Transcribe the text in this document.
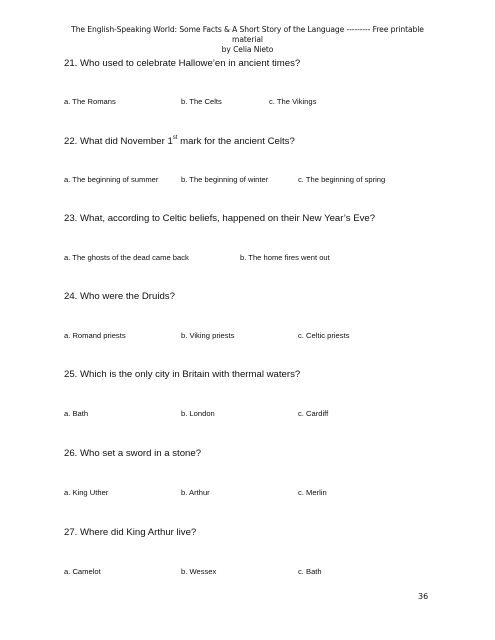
The English-Speaking World: Some Facts & A Short Story of the Language --------- Free printable material
by Celia Nieto
21. Who used to celebrate Hallowe’en in ancient times?
a. The Romans	b. The Celts	c. The Vikings
22. What did November 1st mark for the ancient Celts?
a. The beginning of summer	b. The beginning of winter	c. The beginning of spring
23. What, according to Celtic beliefs, happened on their New Year’s Eve?
a. The ghosts of the dead came back	b. The home fires went out
24. Who were the Druids?
a. Romand priests	b. Viking priests	c. Celtic priests
25. Which is the only city in Britain with thermal waters?
a. Bath	b. London	c. Cardiff
26. Who set a sword in a stone?
a. King Uther	b. Arthur	c. Merlin
27. Where did King Arthur live?
a. Camelot	b. Wessex	c. Bath
36
